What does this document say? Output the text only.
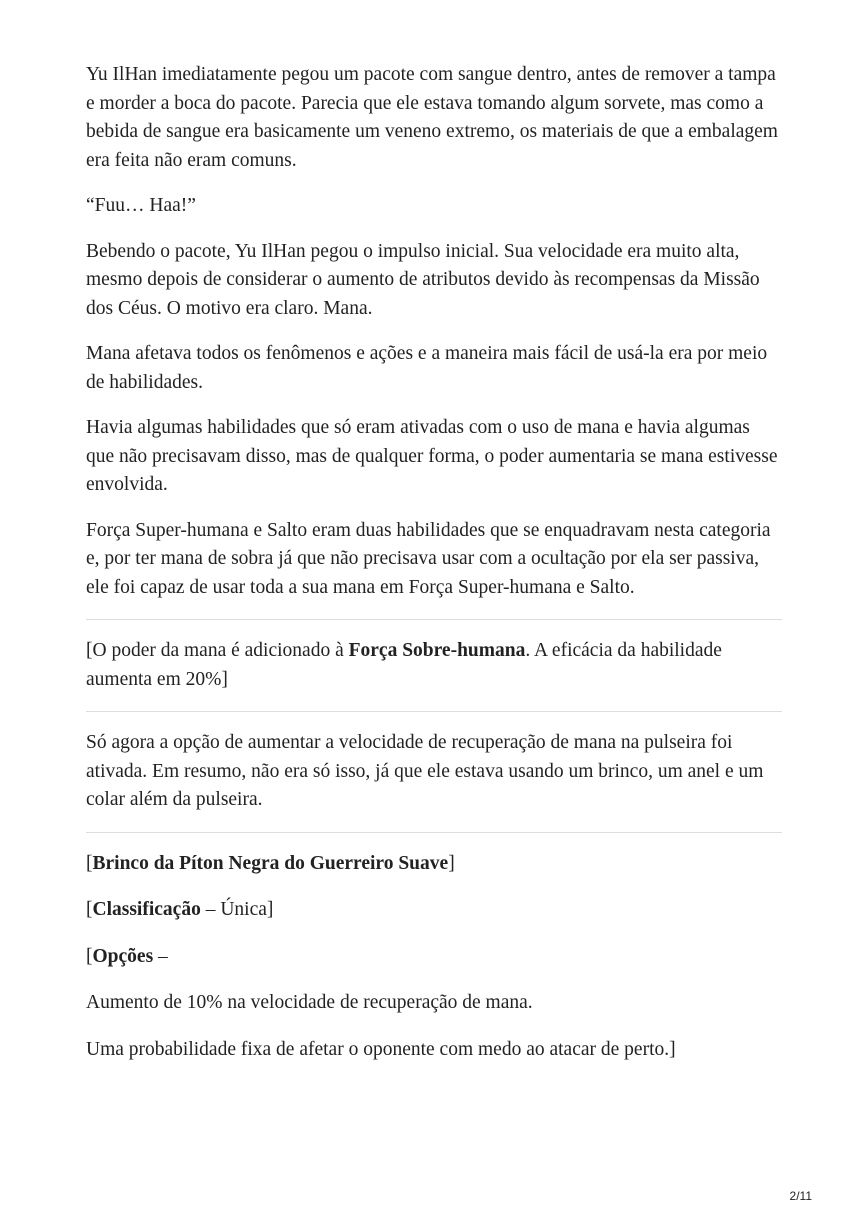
Yu IlHan imediatamente pegou um pacote com sangue dentro, antes de remover a tampa e morder a boca do pacote. Parecia que ele estava tomando algum sorvete, mas como a bebida de sangue era basicamente um veneno extremo, os materiais de que a embalagem era feita não eram comuns.

“Fuu… Haa!”

Bebendo o pacote, Yu IlHan pegou o impulso inicial. Sua velocidade era muito alta, mesmo depois de considerar o aumento de atributos devido às recompensas da Missão dos Céus. O motivo era claro. Mana.

Mana afetava todos os fenômenos e ações e a maneira mais fácil de usá-la era por meio de habilidades.

Havia algumas habilidades que só eram ativadas com o uso de mana e havia algumas que não precisavam disso, mas de qualquer forma, o poder aumentaria se mana estivesse envolvida.

Força Super-humana e Salto eram duas habilidades que se enquadravam nesta categoria e, por ter mana de sobra já que não precisava usar com a ocultação por ela ser passiva, ele foi capaz de usar toda a sua mana em Força Super-humana e Salto.

[O poder da mana é adicionado à Força Sobre-humana. A eficácia da habilidade aumenta em 20%]

Só agora a opção de aumentar a velocidade de recuperação de mana na pulseira foi ativada. Em resumo, não era só isso, já que ele estava usando um brinco, um anel e um colar além da pulseira.

[Brinco da Píton Negra do Guerreiro Suave]

[Classificação – Única]

[Opções –

Aumento de 10% na velocidade de recuperação de mana.

Uma probabilidade fixa de afetar o oponente com medo ao atacar de perto.]

2/11
